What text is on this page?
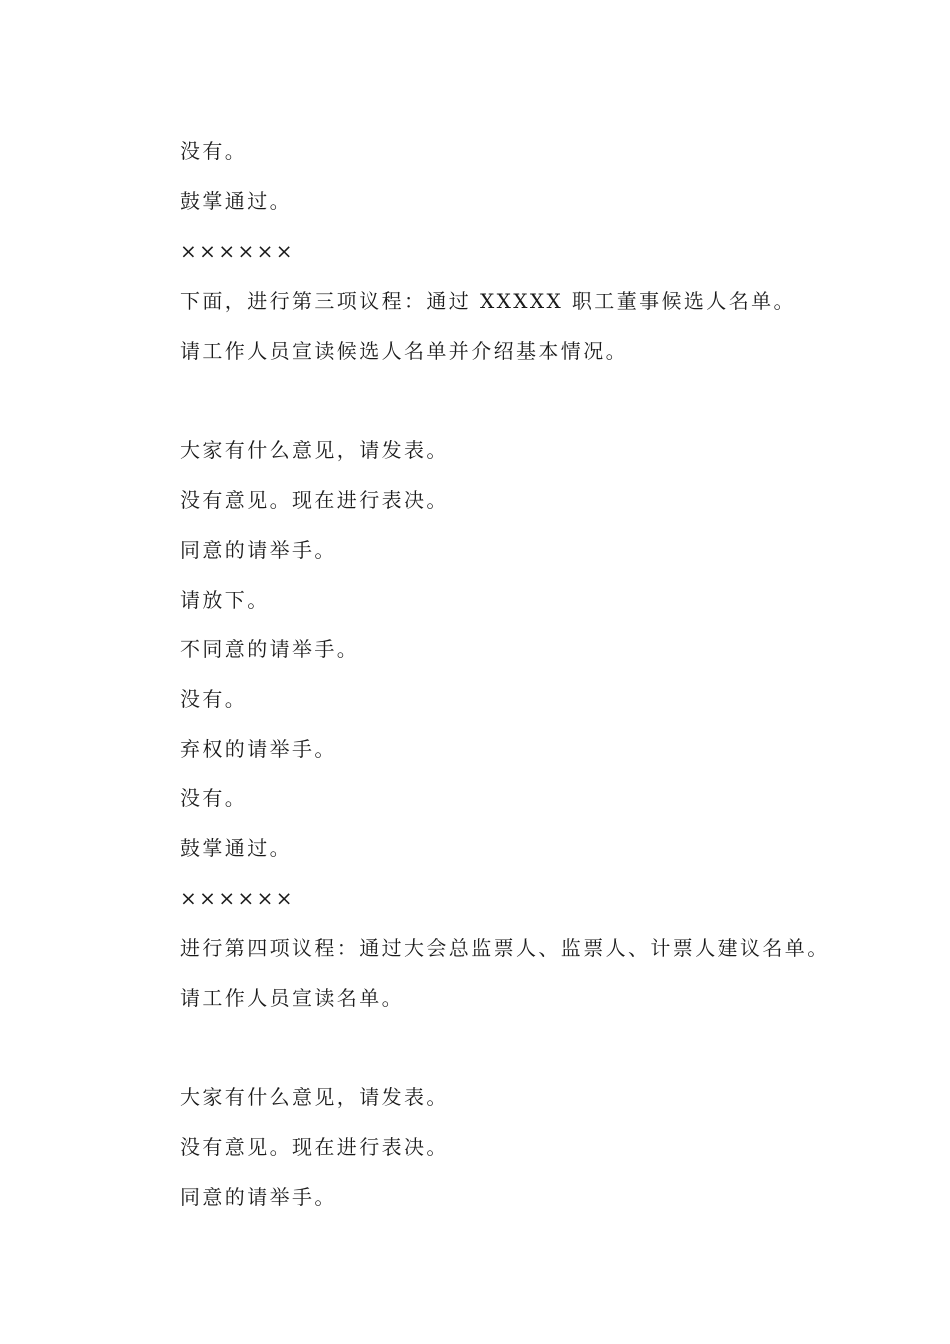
没有。
鼓掌通过。
××××××
下面，进行第三项议程：通过 XXXXX 职工董事候选人名单。
请工作人员宣读候选人名单并介绍基本情况。
大家有什么意见，请发表。
没有意见。现在进行表决。
同意的请举手。
请放下。
不同意的请举手。
没有。
弃权的请举手。
没有。
鼓掌通过。
××××××
进行第四项议程：通过大会总监票人、监票人、计票人建议名单。
请工作人员宣读名单。
大家有什么意见，请发表。
没有意见。现在进行表决。
同意的请举手。
